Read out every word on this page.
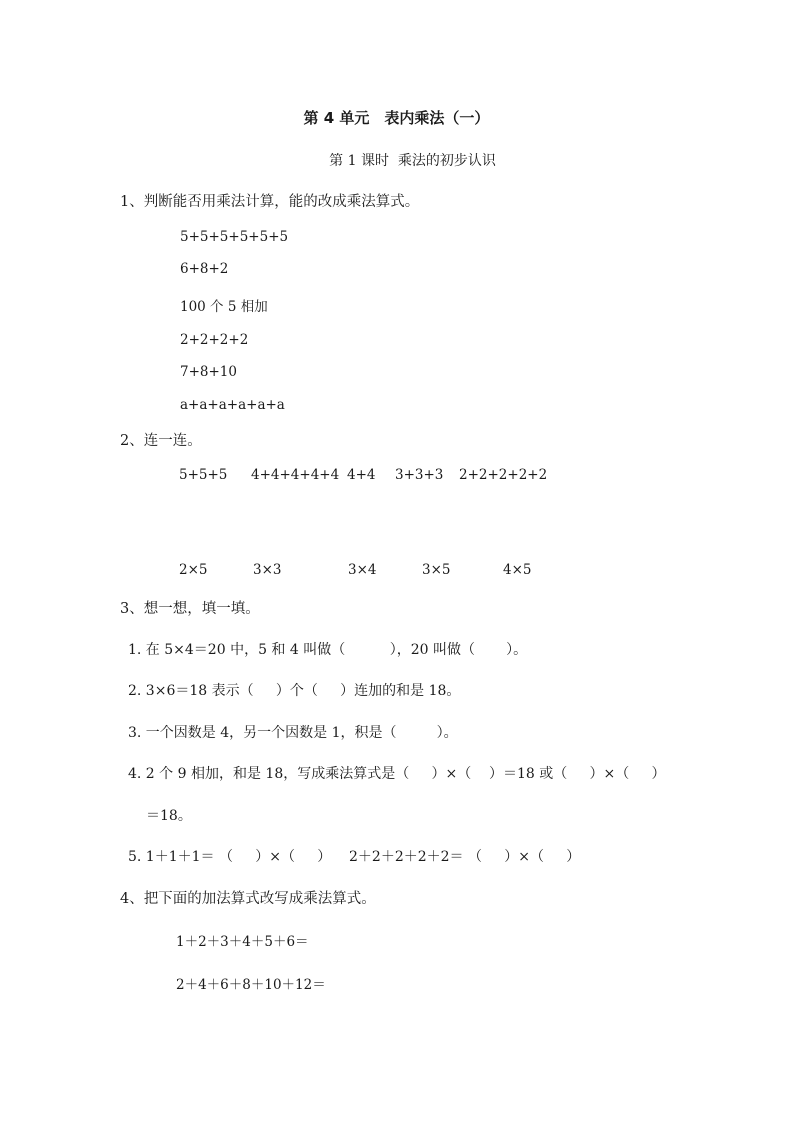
第 4 单元　表内乘法（一）
第 1 课时  乘法的初步认识
1、判断能否用乘法计算，能的改成乘法算式。
5+5+5+5+5+5
6+8+2
100 个 5 相加
2+2+2+2
7+8+10
a+a+a+a+a+a
2、连一连。
5+5+5 4+4+4+4+4 4+4 3+3+3 2+2+2+2+2
2×5	3×3	3×4	3×5	4×5
3、想一想，填一填。
1. 在 5×4＝20 中，5 和 4 叫做（          ），20 叫做（       ）。
2. 3×6＝18 表示（     ）个（     ）连加的和是 18。
3. 一个因数是 4，另一个因数是 1，积是（         ）。
4. 2 个 9 相加，和是 18，写成乘法算式是（     ）×（    ）＝18 或（     ）×（     ）
＝18。
5. 1＋1＋1＝ （     ）×（     ）    2＋2＋2＋2＋2＝ （     ）×（     ）
4、把下面的加法算式改写成乘法算式。
1＋2＋3＋4＋5＋6＝
2＋4＋6＋8＋10＋12＝
